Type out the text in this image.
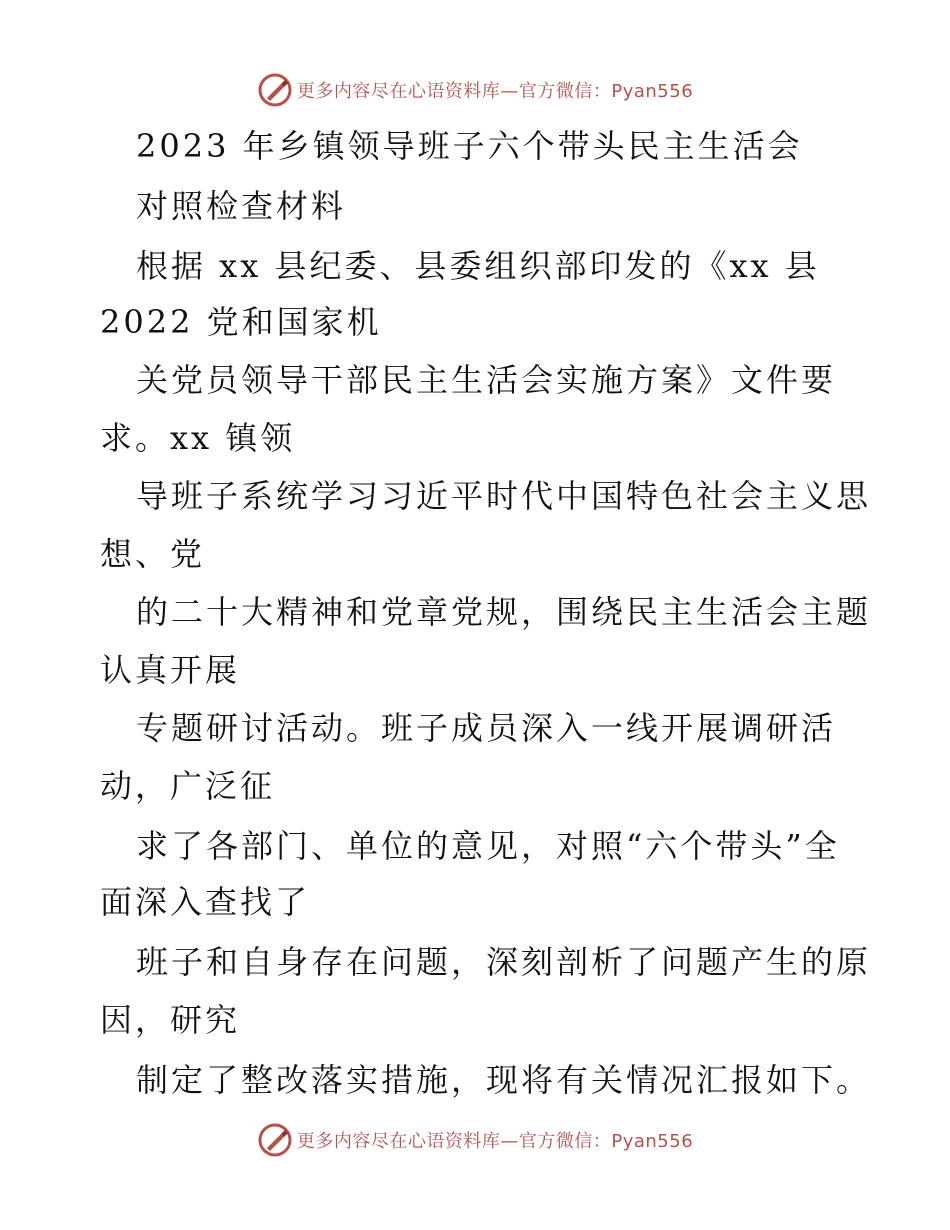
更多内容尽在心语资料库—官方微信：Pyan556
2023 年乡镇领导班子六个带头民主生活会
对照检查材料
根据 xx 县纪委、县委组织部印发的《xx 县
2022 党和国家机
关党员领导干部民主生活会实施方案》文件要
求。xx 镇领
导班子系统学习习近平时代中国特色社会主义思
想、党
的二十大精神和党章党规，围绕民主生活会主题
认真开展
专题研讨活动。班子成员深入一线开展调研活
动，广泛征
求了各部门、单位的意见，对照“六个带头”全
面深入查找了
班子和自身存在问题，深刻剖析了问题产生的原
因，研究
制定了整改落实措施，现将有关情况汇报如下。
更多内容尽在心语资料库—官方微信：Pyan556
